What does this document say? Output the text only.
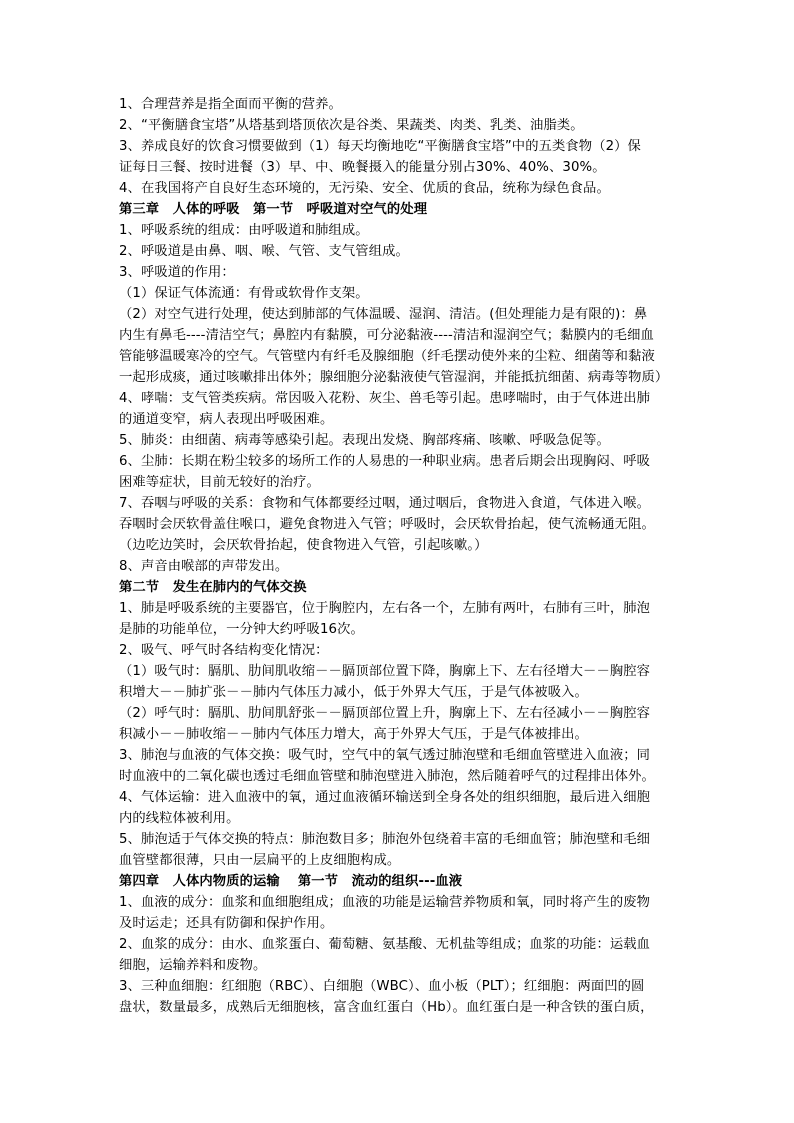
1、合理营养是指全面而平衡的营养。
2、“平衡膳食宝塔”从塔基到塔顶依次是谷类、果蔬类、肉类、乳类、油脂类。
3、养成良好的饮食习惯要做到（1）每天均衡地吃“平衡膳食宝塔”中的五类食物（2）保
证每日三餐、按时进餐（3）早、中、晚餐摄入的能量分别占30%、40%、30%。
4、在我国将产自良好生态环境的，无污染、安全、优质的食品，统称为绿色食品。
第三章　人体的呼吸　第一节　呼吸道对空气的处理
1、呼吸系统的组成：由呼吸道和肺组成。
2、呼吸道是由鼻、咽、喉、气管、支气管组成。
3、呼吸道的作用：
（1）保证气体流通：有骨或软骨作支架。
（2）对空气进行处理，使达到肺部的气体温暖、湿润、清洁。(但处理能力是有限的)：鼻
内生有鼻毛----清洁空气；鼻腔内有黏膜，可分泌黏液----清洁和湿润空气；黏膜内的毛细血
管能够温暖寒冷的空气。气管壁内有纤毛及腺细胞（纤毛摆动使外来的尘粒、细菌等和黏液
一起形成痰，通过咳嗽排出体外；腺细胞分泌黏液使气管湿润，并能抵抗细菌、病毒等物质）
4、哮喘：支气管类疾病。常因吸入花粉、灰尘、兽毛等引起。患哮喘时，由于气体进出肺
的通道变窄，病人表现出呼吸困难。
5、肺炎：由细菌、病毒等感染引起。表现出发烧、胸部疼痛、咳嗽、呼吸急促等。
6、尘肺：长期在粉尘较多的场所工作的人易患的一种职业病。患者后期会出现胸闷、呼吸
困难等症状，目前无较好的治疗。
7、吞咽与呼吸的关系：食物和气体都要经过咽，通过咽后，食物进入食道，气体进入喉。
吞咽时会厌软骨盖住喉口，避免食物进入气管；呼吸时，会厌软骨抬起，使气流畅通无阻。
（边吃边笑时，会厌软骨抬起，使食物进入气管，引起咳嗽。）
8、声音由喉部的声带发出。
第二节　发生在肺内的气体交换
1、肺是呼吸系统的主要器官，位于胸腔内，左右各一个，左肺有两叶，右肺有三叶，肺泡
是肺的功能单位，一分钟大约呼吸16次。
2、吸气、呼气时各结构变化情况：
（1）吸气时：膈肌、肋间肌收缩－－膈顶部位置下降，胸廓上下、左右径增大－－胸腔容
积增大－－肺扩张－－肺内气体压力减小，低于外界大气压，于是气体被吸入。
（2）呼气时：膈肌、肋间肌舒张－－膈顶部位置上升，胸廓上下、左右径减小－－胸腔容
积减小－－肺收缩－－肺内气体压力增大，高于外界大气压，于是气体被排出。
3、肺泡与血液的气体交换：吸气时，空气中的氧气透过肺泡壁和毛细血管壁进入血液；同
时血液中的二氧化碳也透过毛细血管壁和肺泡壁进入肺泡，然后随着呼气的过程排出体外。
4、气体运输：进入血液中的氧，通过血液循环输送到全身各处的组织细胞，最后进入细胞
内的线粒体被利用。
5、肺泡适于气体交换的特点：肺泡数目多；肺泡外包绕着丰富的毛细血管；肺泡壁和毛细
血管壁都很薄，只由一层扁平的上皮细胞构成。
第四章　人体内物质的运输　 第一节　流动的组织---血液
1、血液的成分：血浆和血细胞组成；血液的功能是运输营养物质和氧，同时将产生的废物
及时运走；还具有防御和保护作用。
2、血浆的成分：由水、血浆蛋白、葡萄糖、氨基酸、无机盐等组成；血浆的功能：运载血
细胞，运输养料和废物。
3、三种血细胞：红细胞（RBC）、白细胞（WBC）、血小板（PLT）；红细胞：两面凹的圆
盘状，数量最多，成熟后无细胞核，富含血红蛋白（Hb）。血红蛋白是一种含铁的蛋白质，
